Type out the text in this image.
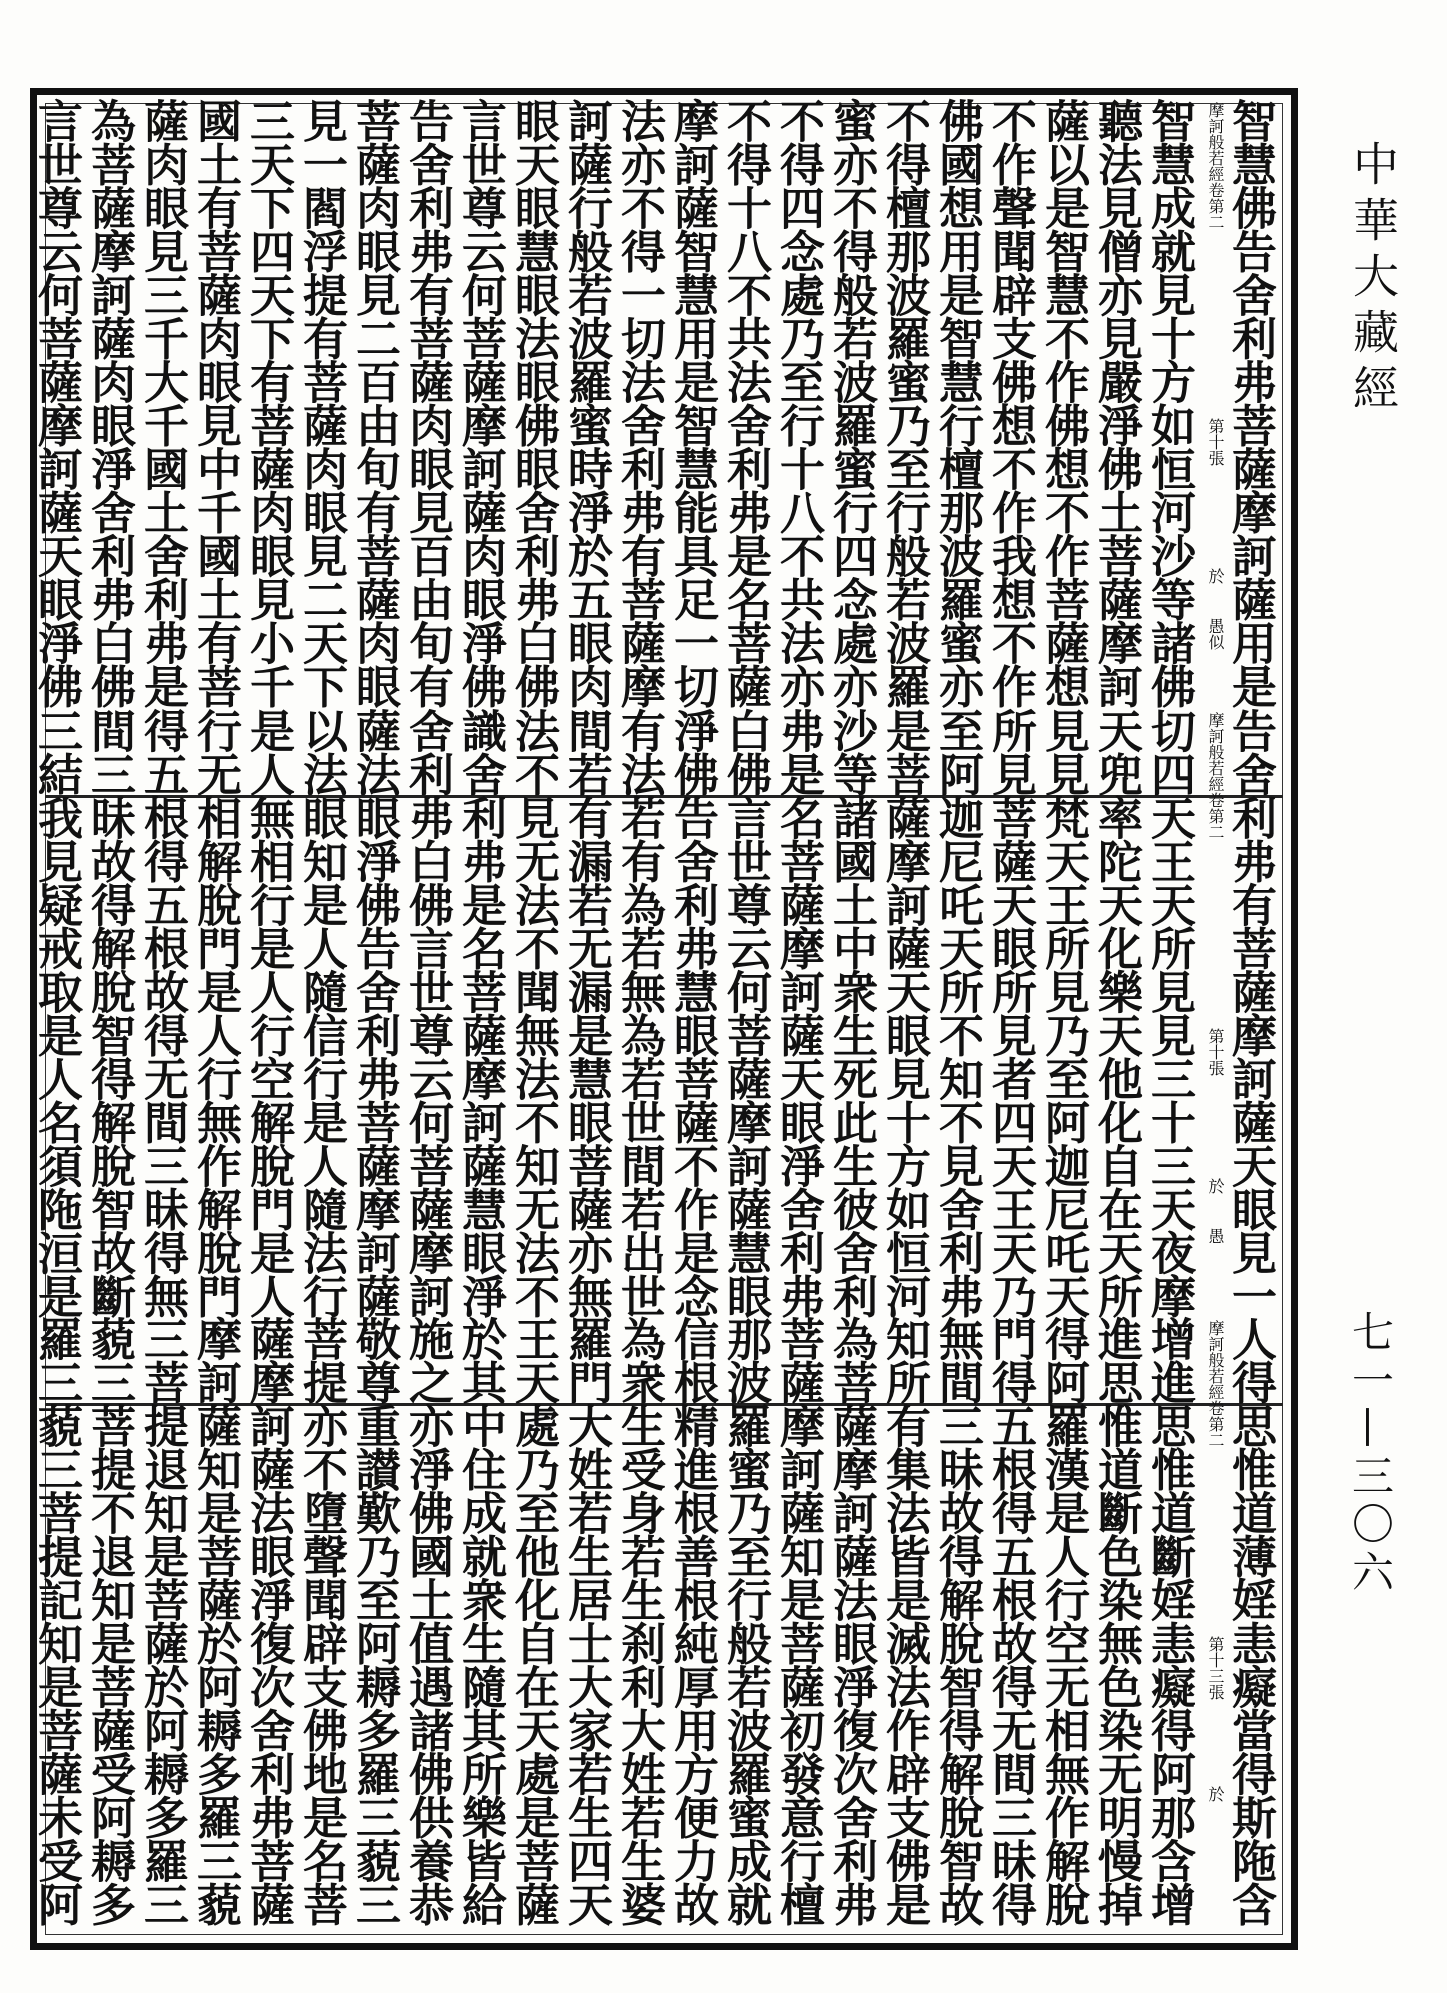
中華大藏經
七一—三〇六
智慧佛告舍利弗菩薩摩訶薩用是
摩訶般若經卷第二
第十張
於
愚似
智慧成就見十方如恒河沙等諸佛
聽法見僧亦見嚴淨佛土菩薩摩訶
薩以是智慧不作佛想不作菩薩想
不作聲聞辟支佛想不作我想不作
佛國想用是智慧行檀那波羅蜜亦
不得檀那波羅蜜乃至行般若波羅
蜜亦不得般若波羅蜜行四念處亦
不得四念處乃至行十八不共法亦
不得十八不共法舍利弗是名菩薩
摩訶薩智慧用是智慧能具足一切
法亦不得一切法舍利弗有菩薩摩
訶薩行般若波羅蜜時淨於五眼肉
眼天眼慧眼法眼佛眼舍利弗白佛
言世尊云何菩薩摩訶薩肉眼淨佛
告舍利弗有菩薩肉眼見百由旬有
菩薩肉眼見二百由旬有菩薩肉眼
見一閻浮提有菩薩肉眼見二天下
三天下四天下有菩薩肉眼見小千
國土有菩薩肉眼見中千國土有菩
薩肉眼見三千大千國土舍利弗是
為菩薩摩訶薩肉眼淨舍利弗白佛
言世尊云何菩薩摩訶薩天眼淨佛
告舍利弗有菩薩摩訶薩天眼見一
摩訶般若經卷第二
第十張
於
愚
切四天王天所見見三十三天夜摩
天兜率陀天化樂天他化自在天所
見見梵天王所見乃至阿迦尼吒天
所見菩薩天眼所見者四天王天乃
至阿迦尼吒天所不知不見舍利弗
是菩薩摩訶薩天眼見十方如恒河
沙等諸國土中衆生死此生彼舍利
弗是名菩薩摩訶薩天眼淨舍利弗
白佛言世尊云何菩薩摩訶薩慧眼
淨佛告舍利弗慧眼菩薩不作是念
有法若有為若無為若世間若出世
間若有漏若无漏是慧眼菩薩亦無
法不見无法不聞無法不知无法不
識舍利弗是名菩薩摩訶薩慧眼淨
舍利弗白佛言世尊云何菩薩摩訶
薩法眼淨佛告舍利弗菩薩摩訶薩
以法眼知是人隨信行是人隨法行
是人無相行是人行空解脫門是人
行无相解脫門是人行無作解脫門
得五根得五根故得无間三昧得無
間三昧故得解脫智得解脫智故斷
三結我見疑戒取是人名須陁洹是
人得思惟道薄婬恚癡當得斯陁含
摩訶般若經卷第二
第十三張
於
增進思惟道斷婬恚癡得阿那含增
進思惟道斷色染無色染无明慢掉
得阿羅漢是人行空无相無作解脫
門得五根得五根故得无間三昧得
無間三昧故得解脫智得解脫智故
知所有集法皆是滅法作辟支佛是
為菩薩摩訶薩法眼淨復次舍利弗
菩薩摩訶薩知是菩薩初發意行檀
那波羅蜜乃至行般若波羅蜜成就
信根精進根善根純厚用方便力故
為衆生受身若生刹利大姓若生婆
羅門大姓若生居士大家若生四天
王天處乃至他化自在天處是菩薩
於其中住成就衆生隨其所樂皆給
施之亦淨佛國土值遇諸佛供養恭
敬尊重讃歎乃至阿耨多羅三藐三
菩提亦不墮聲聞辟支佛地是名菩
薩摩訶薩法眼淨復次舍利弗菩薩
摩訶薩知是菩薩於阿耨多羅三藐
三菩提退知是菩薩於阿耨多羅三
藐三菩提不退知是菩薩受阿耨多
羅三藐三菩提記知是菩薩未受阿
